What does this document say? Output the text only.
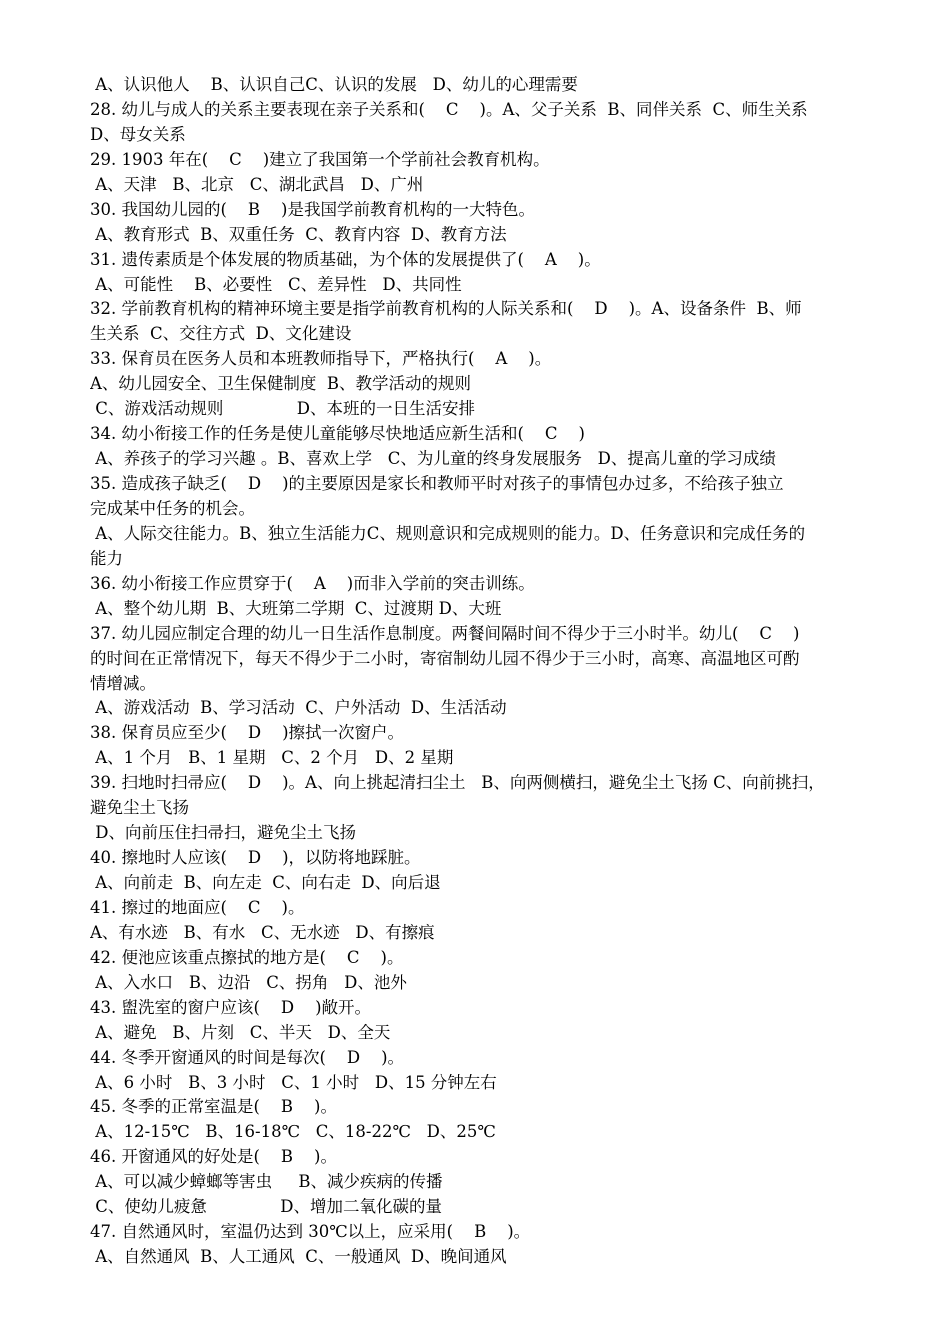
A、认识他人    B、认识自己C、认识的发展   D、幼儿的心理需要
28. 幼儿与成人的关系主要表现在亲子关系和(    C    )。A、父子关系  B、同伴关系  C、师生关系
D、母女关系
29. 1903 年在(    C    )建立了我国第一个学前社会教育机构。
A、天津   B、北京   C、湖北武昌   D、广州
30. 我国幼儿园的(    B    )是我国学前教育机构的一大特色。
A、教育形式  B、双重任务  C、教育内容  D、教育方法
31. 遗传素质是个体发展的物质基础，为个体的发展提供了(    A    )。
A、可能性    B、必要性   C、差异性   D、共同性
32. 学前教育机构的精神环境主要是指学前教育机构的人际关系和(    D    )。A、设备条件  B、师
生关系  C、交往方式  D、文化建设
33. 保育员在医务人员和本班教师指导下，严格执行(    A    )。
A、幼儿园安全、卫生保健制度  B、教学活动的规则
C、游戏活动规则              D、本班的一日生活安排
34. 幼小衔接工作的任务是使儿童能够尽快地适应新生活和(    C    )
A、养孩子的学习兴趣 。B、喜欢上学   C、为儿童的终身发展服务   D、提高儿童的学习成绩
35. 造成孩子缺乏(    D    )的主要原因是家长和教师平时对孩子的事情包办过多，不给孩子独立
完成某中任务的机会。
A、人际交往能力。B、独立生活能力C、规则意识和完成规则的能力。D、任务意识和完成任务的
能力
36. 幼小衔接工作应贯穿于(    A    )而非入学前的突击训练。
A、整个幼儿期  B、大班第二学期  C、过渡期 D、大班
37. 幼儿园应制定合理的幼儿一日生活作息制度。两餐间隔时间不得少于三小时半。幼儿(    C    )
的时间在正常情况下，每天不得少于二小时，寄宿制幼儿园不得少于三小时，高寒、高温地区可酌
情增减。
A、游戏活动  B、学习活动  C、户外活动  D、生活活动
38. 保育员应至少(    D    )擦拭一次窗户。
A、1 个月   B、1 星期   C、2 个月   D、2 星期
39. 扫地时扫帚应(    D    )。A、向上挑起清扫尘土   B、向两侧横扫，避免尘土飞扬 C、向前挑扫，
避免尘土飞扬
D、向前压住扫帚扫，避免尘土飞扬
40. 擦地时人应该(    D    )，以防将地踩脏。
A、向前走  B、向左走  C、向右走  D、向后退
41. 擦过的地面应(    C    )。
A、有水迹   B、有水   C、无水迹   D、有擦痕
42. 便池应该重点擦拭的地方是(    C    )。
A、入水口   B、边沿   C、拐角   D、池外
43. 盥洗室的窗户应该(    D    )敞开。
A、避免   B、片刻   C、半天   D、全天
44. 冬季开窗通风的时间是每次(    D    )。
A、6 小时   B、3 小时   C、1 小时   D、15 分钟左右
45. 冬季的正常室温是(    B    )。
A、12-15℃   B、16-18℃   C、18-22℃   D、25℃
46. 开窗通风的好处是(    B    )。
A、可以减少蟑螂等害虫     B、减少疾病的传播
C、使幼儿疲惫              D、增加二氧化碳的量
47. 自然通风时，室温仍达到 30℃以上，应采用(    B    )。
A、自然通风  B、人工通风  C、一般通风  D、晚间通风
